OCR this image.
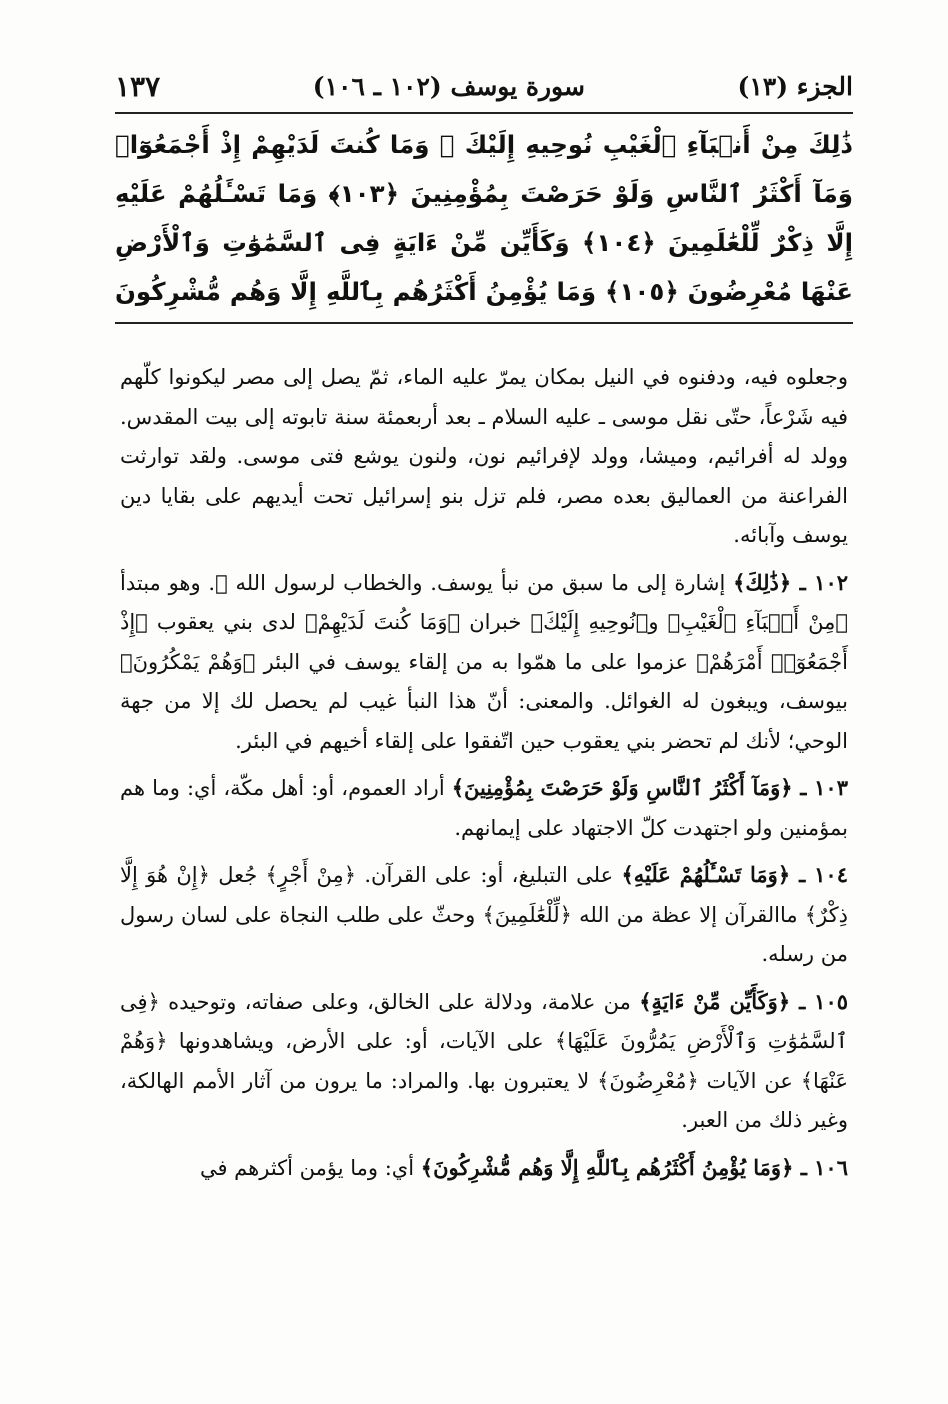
الجزء (١٣)
سورة يوسف (١٠٢ ـ ١٠٦)
١٣٧
ذَٰلِكَ مِنْ أَنۢبَآءِ ٱلْغَيْبِ نُوحِيهِ إِلَيْكَ ۖ وَمَا كُنتَ لَدَيْهِمْ إِذْ أَجْمَعُوٓا۟
وَمَآ أَكْثَرُ ٱلنَّاسِ وَلَوْ حَرَصْتَ بِمُؤْمِنِينَ ﴿١٠٣﴾ وَمَا تَسْـَٔلُهُمْ عَلَيْهِ
إِلَّا ذِكْرٌ لِّلْعَٰلَمِينَ ﴿١٠٤﴾ وَكَأَيِّن مِّنْ ءَايَةٍ فِى ٱلسَّمَٰوَٰتِ وَٱلْأَرْضِ
عَنْهَا مُعْرِضُونَ ﴿١٠٥﴾ وَمَا يُؤْمِنُ أَكْثَرُهُم بِٱللَّهِ إِلَّا وَهُم مُّشْرِكُونَ

وجعلوه فيه، ودفنوه في النيل بمكان يمرّ عليه الماء، ثمّ يصل إلى مصر ليكونوا كلّهم فيه شَرْعاً، حتّى نقل موسى ـ عليه السلام ـ بعد أربعمئة سنة تابوته إلى بيت المقدس. وولد له أفرائيم، وميشا، وولد لإفرائيم نون، ولنون يوشع فتى موسى. ولقد توارثت الفراعنة من العماليق بعده مصر، فلم تزل بنو إسرائيل تحت أيديهم على بقايا دين يوسف وآبائه.

١٠٢ ـ ﴿ذَٰلِكَ﴾ إشارة إلى ما سبق من نبأ يوسف. والخطاب لرسول الله ﷺ. وهو مبتدأ ﴿مِنْ أَنۢبَآءِ ٱلْغَيْبِ﴾ و﴿نُوحِيهِ إِلَيْكَ﴾ خبران ﴿وَمَا كُنتَ لَدَيْهِمْ﴾ لدى بني يعقوب ﴿إِذْ أَجْمَعُوٓا۟ أَمْرَهُمْ﴾ عزموا على ما همّوا به من إلقاء يوسف في البئر ﴿وَهُمْ يَمْكُرُونَ﴾ بيوسف، ويبغون له الغوائل. والمعنى: أنّ هذا النبأ غيب لم يحصل لك إلا من جهة الوحي؛ لأنك لم تحضر بني يعقوب حين اتّفقوا على إلقاء أخيهم في البئر.

١٠٣ ـ ﴿وَمَآ أَكْثَرُ ٱلنَّاسِ وَلَوْ حَرَصْتَ بِمُؤْمِنِينَ﴾ أراد العموم، أو: أهل مكّة، أي: وما هم بمؤمنين ولو اجتهدت كلّ الاجتهاد على إيمانهم.

١٠٤ ـ ﴿وَمَا تَسْـَٔلُهُمْ عَلَيْهِ﴾ على التبليغ، أو: على القرآن. ﴿مِنْ أَجْرٍ﴾ جُعل ﴿إِنْ هُوَ إِلَّا ذِكْرٌ﴾ ماالقرآن إلا عظة من الله ﴿لِّلْعَٰلَمِينَ﴾ وحثّ على طلب النجاة على لسان رسول من رسله.

١٠٥ ـ ﴿وَكَأَيِّن مِّنْ ءَايَةٍ﴾ من علامة، ودلالة على الخالق، وعلى صفاته، وتوحيده ﴿فِى ٱلسَّمَٰوَٰتِ وَٱلْأَرْضِ يَمُرُّونَ عَلَيْهَا﴾ على الآيات، أو: على الأرض، ويشاهدونها ﴿وَهُمْ عَنْهَا﴾ عن الآيات ﴿مُعْرِضُونَ﴾ لا يعتبرون بها. والمراد: ما يرون من آثار الأمم الهالكة، وغير ذلك من العبر.

١٠٦ ـ ﴿وَمَا يُؤْمِنُ أَكْثَرُهُم بِٱللَّهِ إِلَّا وَهُم مُّشْرِكُونَ﴾ أي: وما يؤمن أكثرهم في
